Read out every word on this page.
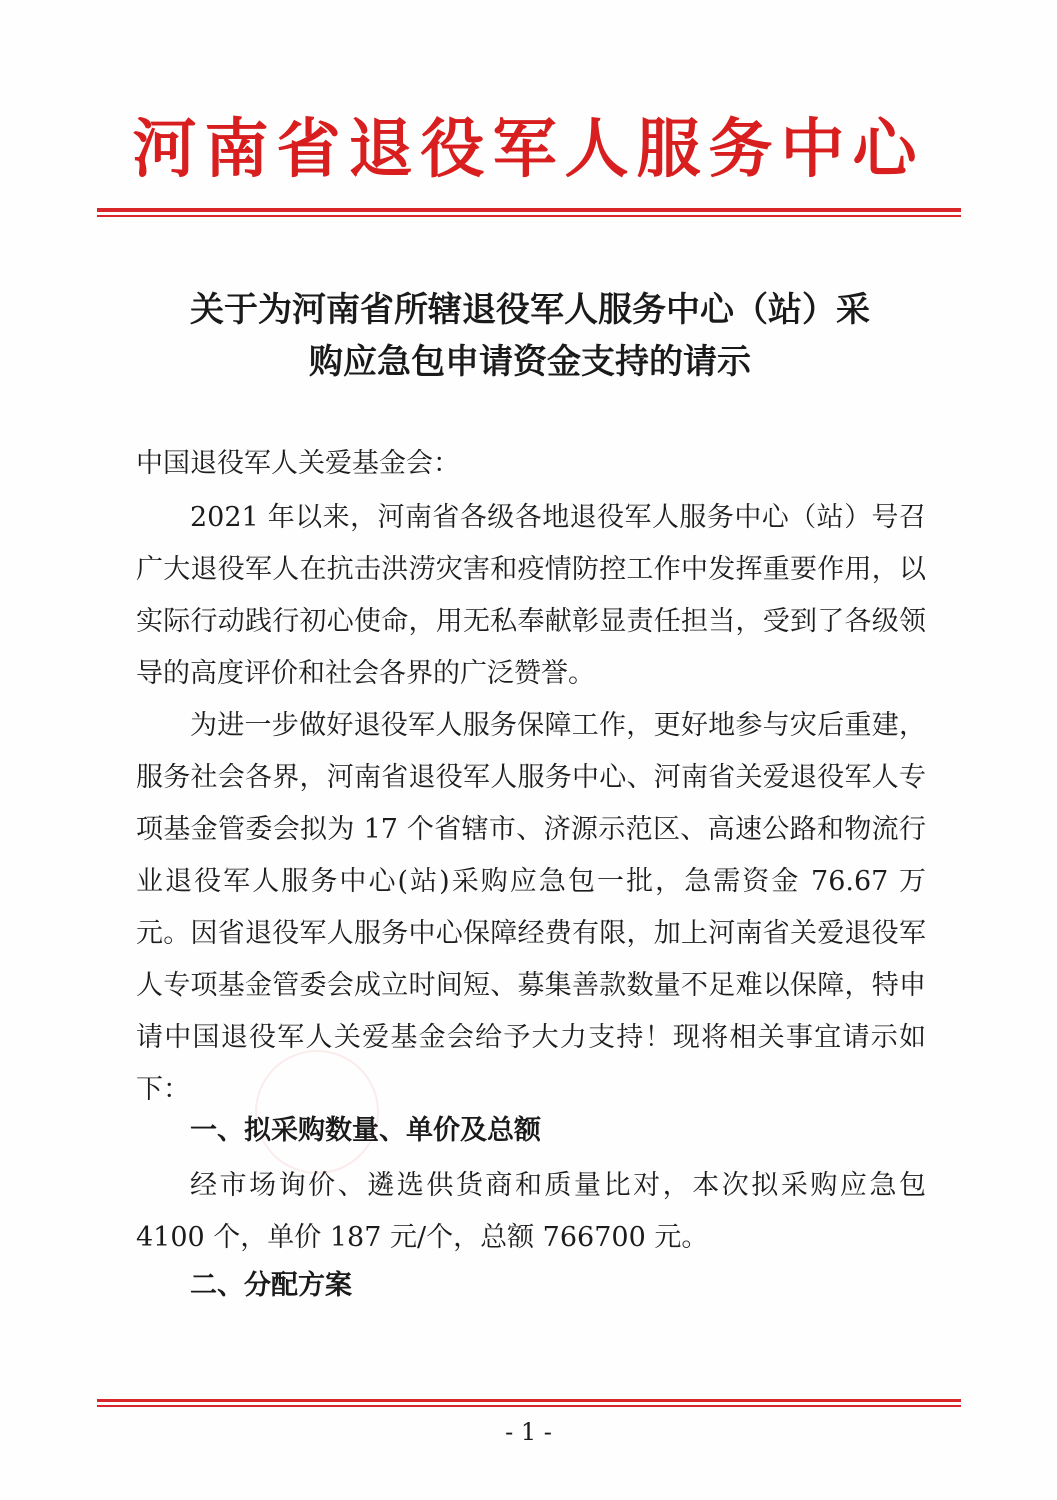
河南省退役军人服务中心
关于为河南省所辖退役军人服务中心（站）采
购应急包申请资金支持的请示
中国退役军人关爱基金会：

2021 年以来，河南省各级各地退役军人服务中心（站）号召广大退役军人在抗击洪涝灾害和疫情防控工作中发挥重要作用，以实际行动践行初心使命，用无私奉献彰显责任担当，受到了各级领导的高度评价和社会各界的广泛赞誉。

为进一步做好退役军人服务保障工作，更好地参与灾后重建，服务社会各界，河南省退役军人服务中心、河南省关爱退役军人专项基金管委会拟为 17 个省辖市、济源示范区、高速公路和物流行业退役军人服务中心(站)采购应急包一批，急需资金 76.67 万元。因省退役军人服务中心保障经费有限，加上河南省关爱退役军人专项基金管委会成立时间短、募集善款数量不足难以保障，特申请中国退役军人关爱基金会给予大力支持！现将相关事宜请示如下：

一、拟采购数量、单价及总额

经市场询价、遴选供货商和质量比对，本次拟采购应急包 4100 个，单价 187 元/个，总额 766700 元。

二、分配方案
- 1 -
